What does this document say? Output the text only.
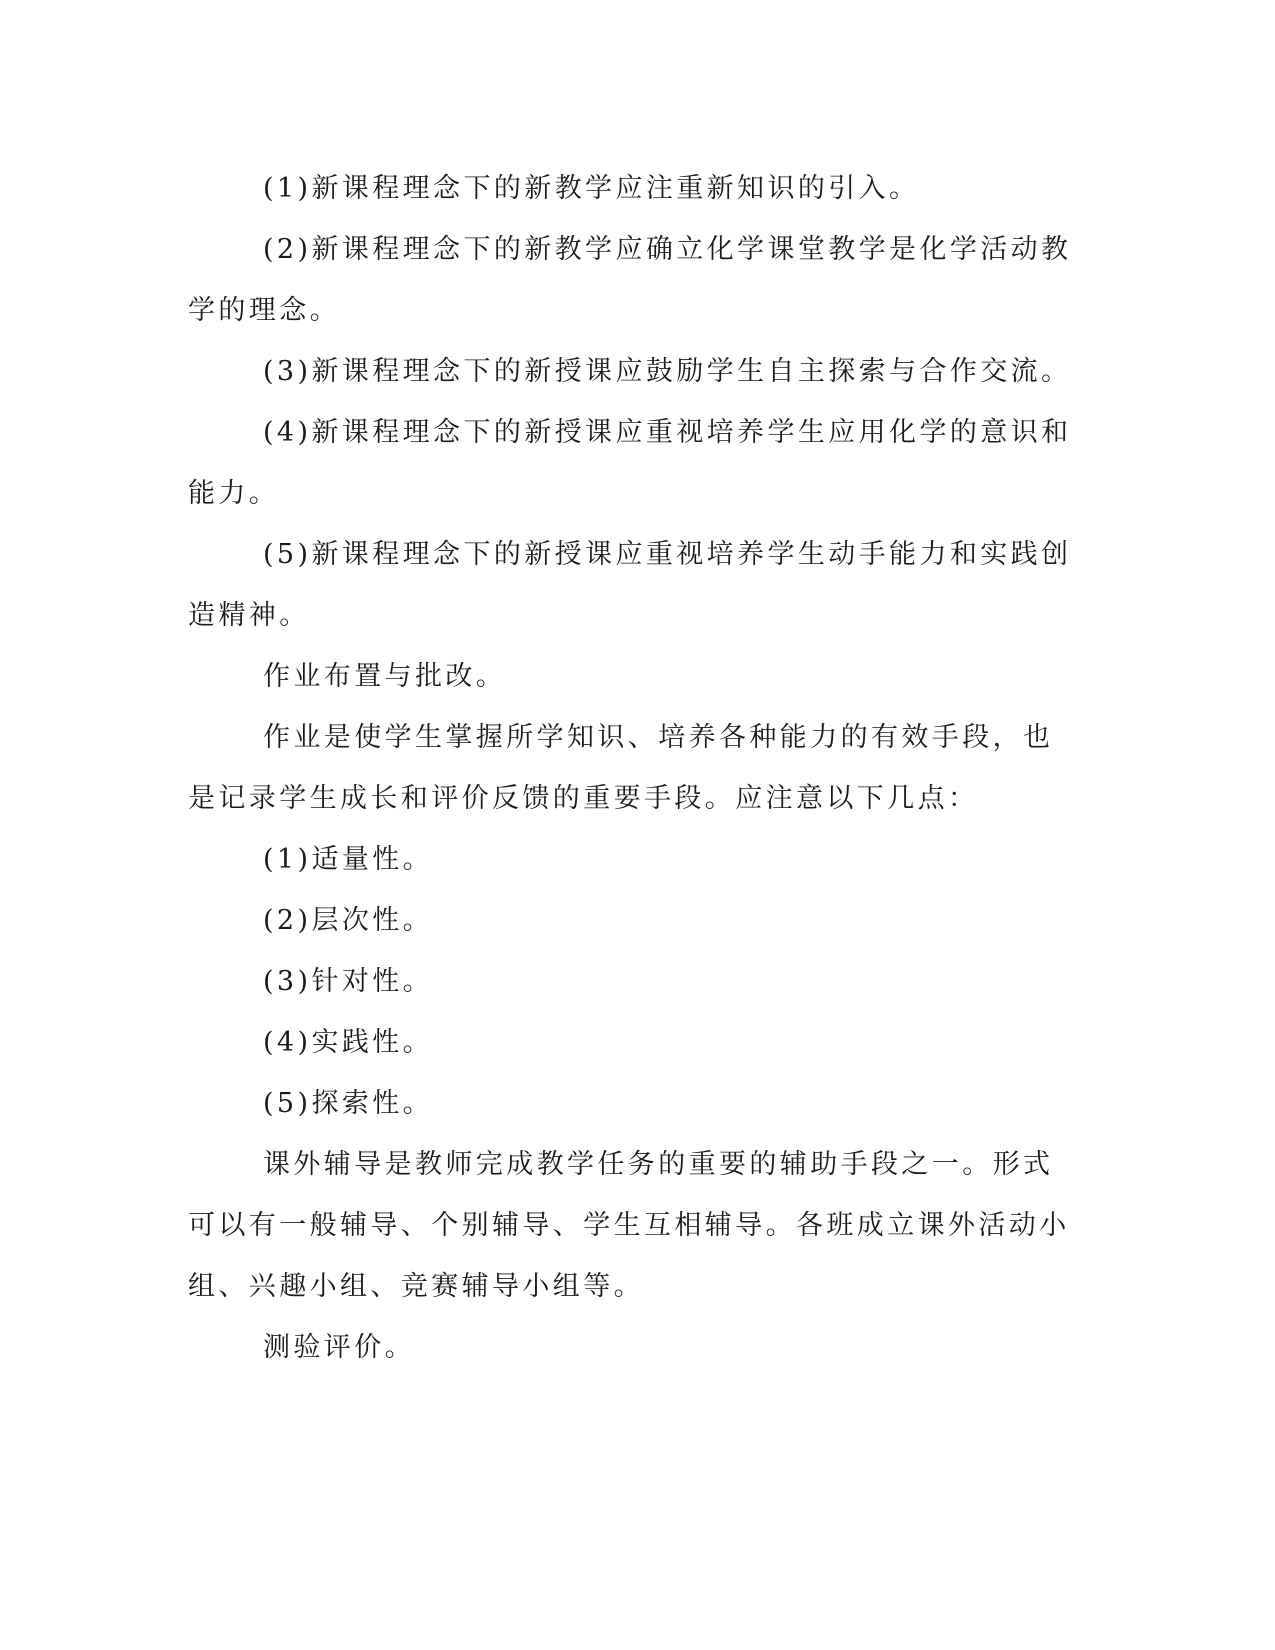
(1)新课程理念下的新教学应注重新知识的引入。

(2)新课程理念下的新教学应确立化学课堂教学是化学活动教学的理念。

(3)新课程理念下的新授课应鼓励学生自主探索与合作交流。

(4)新课程理念下的新授课应重视培养学生应用化学的意识和能力。

(5)新课程理念下的新授课应重视培养学生动手能力和实践创造精神。

作业布置与批改。

作业是使学生掌握所学知识、培养各种能力的有效手段，也是记录学生成长和评价反馈的重要手段。应注意以下几点：

(1)适量性。

(2)层次性。

(3)针对性。

(4)实践性。

(5)探索性。

课外辅导是教师完成教学任务的重要的辅助手段之一。形式可以有一般辅导、个别辅导、学生互相辅导。各班成立课外活动小组、兴趣小组、竞赛辅导小组等。

测验评价。
